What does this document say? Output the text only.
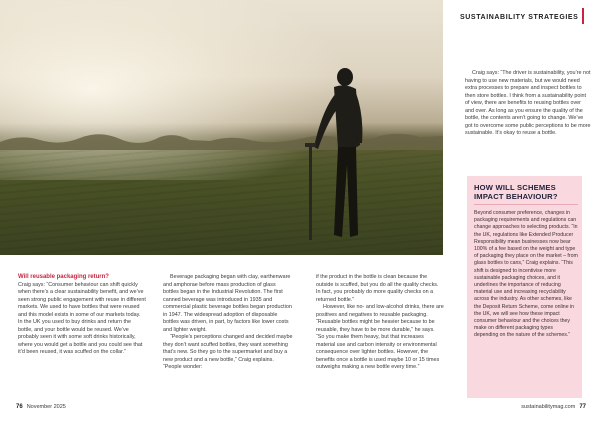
SUSTAINABILITY STRATEGIES

Craig says: “The driver is sustainability, you’re not having to use new materials, but we would need extra processes to prepare and inspect bottles to then store bottles. I think from a sustainability point of view, there are benefits to reusing bottles over and over. As long as you ensure the quality of the bottle, the contents aren’t going to change. We’ve got to overcome some public perceptions to be more sustainable. It’s okay to reuse a bottle.

HOW WILL SCHEMES IMPACT BEHAVIOUR?
Beyond consumer preference, changes in packaging requirements and regulations can change approaches to selecting products. “In the UK, regulations like Extended Producer Responsibility mean businesses now bear 100% of a fee based on the weight and type of packaging they place on the market – from glass bottles to cans,” Craig explains. “This shift is designed to incentivise more sustainable packaging choices, and it underlines the importance of reducing material use and increasing recyclability across the industry. As other schemes, like the Deposit Return Scheme, come online in the UK, we will see how these impact consumer behaviour and the choices they make on different packaging types depending on the nature of the schemes.”

Will reusable packaging return?

Craig says: “Consumer behaviour can shift quickly when there’s a clear sustainability benefit, and we’ve seen strong public engagement with reuse in different markets. We used to have bottles that were reused and this model exists in some of our markets today. In the UK you used to buy drinks and return the bottle, and your bottle would be reused. We’ve probably seen it with some soft drinks historically, where you would get a bottle and you could see that it’d been reused, it was scuffed on the collar.”

Beverage packaging began with clay, earthenware and amphorae before mass production of glass bottles began in the Industrial Revolution. The first canned beverage was introduced in 1935 and commercial plastic beverage bottles began production in 1947. The widespread adoption of disposable bottles was driven, in part, by factors like lower costs and lighter weight.

“People’s perceptions changed and decided maybe they don’t want scuffed bottles, they want something that’s new. So they go to the supermarket and buy a new product and a new bottle,” Craig explains. “People wonder:

if the product in the bottle is clean because the outside is scuffed, but you do all the quality checks. In fact, you probably do more quality checks on a returned bottle.”

However, like no- and low-alcohol drinks, there are positives and negatives to reusable packaging. “Reusable bottles might be heavier because to be reusable, they have to be more durable,” he says. “So you make them heavy, but that increases material use and carbon intensity or environmental consequence over lighter bottles. However, the benefits once a bottle is used maybe 10 or 15 times outweighs making a new bottle every time.”

76 November 2025	sustainabilitymag.com 77
